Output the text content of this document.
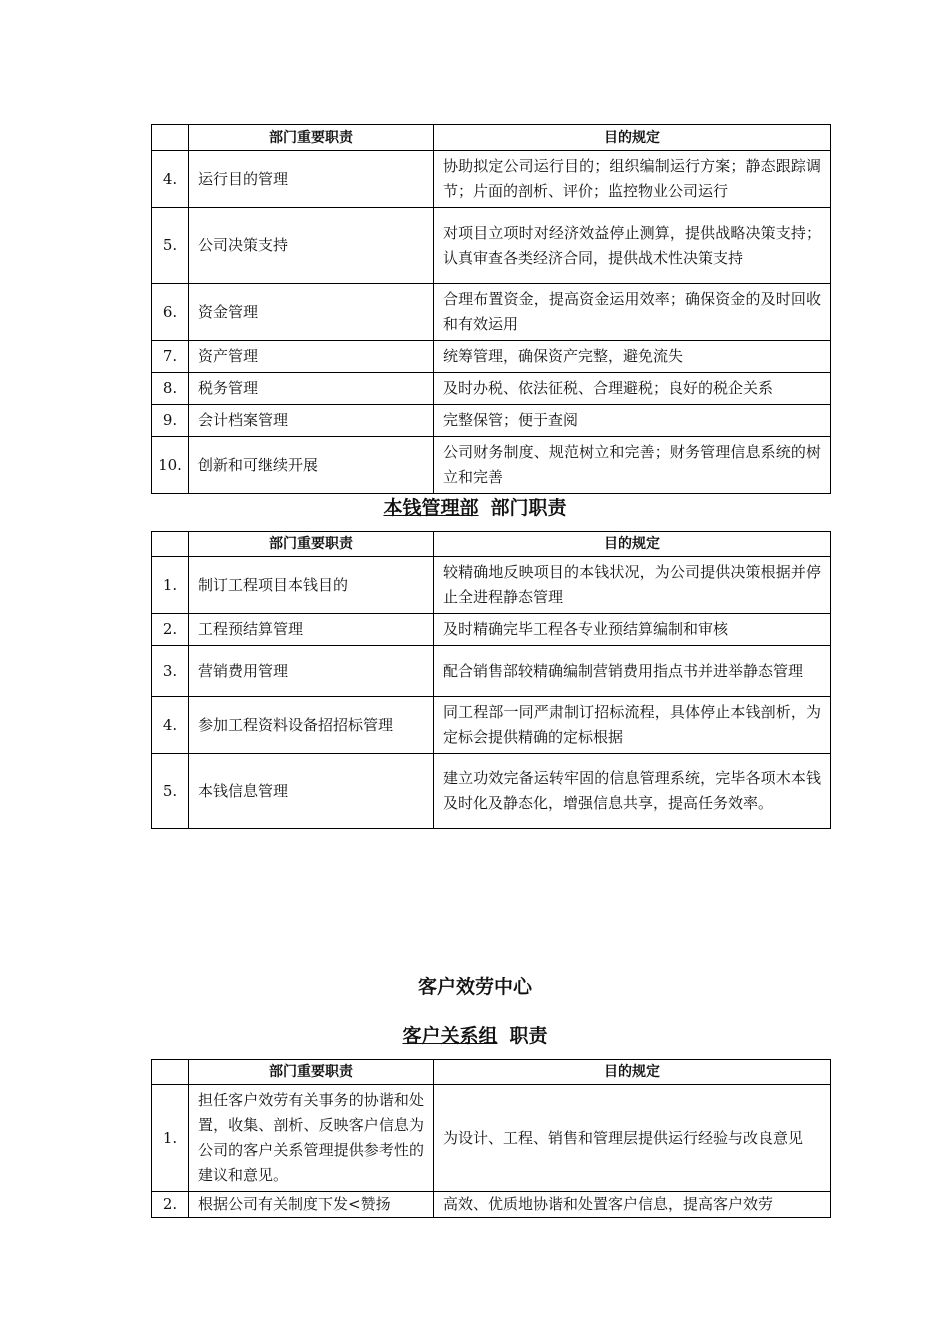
	部门重要职责	目的规定
4.	运行目的管理	协助拟定公司运行目的；组织编制运行方案；静态跟踪调节；片面的剖析、评价；监控物业公司运行
5.	公司决策支持	对项目立项时对经济效益停止测算，提供战略决策支持；认真审查各类经济合同，提供战术性决策支持
6.	资金管理	合理布置资金，提高资金运用效率；确保资金的及时回收和有效运用
7.	资产管理	统筹管理，确保资产完整，避免流失
8.	税务管理	及时办税、依法征税、合理避税；良好的税企关系
9.	会计档案管理	完整保管；便于查阅
10.	创新和可继续开展	公司财务制度、规范树立和完善；财务管理信息系统的树立和完善
本钱管理部 部门职责
	部门重要职责	目的规定
1.	制订工程项目本钱目的	较精确地反映项目的本钱状况，为公司提供决策根据并停止全进程静态管理
2.	工程预结算管理	及时精确完毕工程各专业预结算编制和审核
3.	营销费用管理	配合销售部较精确编制营销费用指点书并进举静态管理
4.	参加工程资料设备招招标管理	同工程部一同严肃制订招标流程，具体停止本钱剖析，为定标会提供精确的定标根据
5.	本钱信息管理	建立功效完备运转牢固的信息管理系统，完毕各项木本钱及时化及静态化，增强信息共享，提高任务效率。
客户效劳中心
客户关系组 职责
	部门重要职责	目的规定
1.	担任客户效劳有关事务的协谐和处置，收集、剖析、反映客户信息为公司的客户关系管理提供参考性的建议和意见。	为设计、工程、销售和管理层提供运行经验与改良意见
2.	根据公司有关制度下发<赞扬	高效、优质地协谐和处置客户信息，提高客户效劳
